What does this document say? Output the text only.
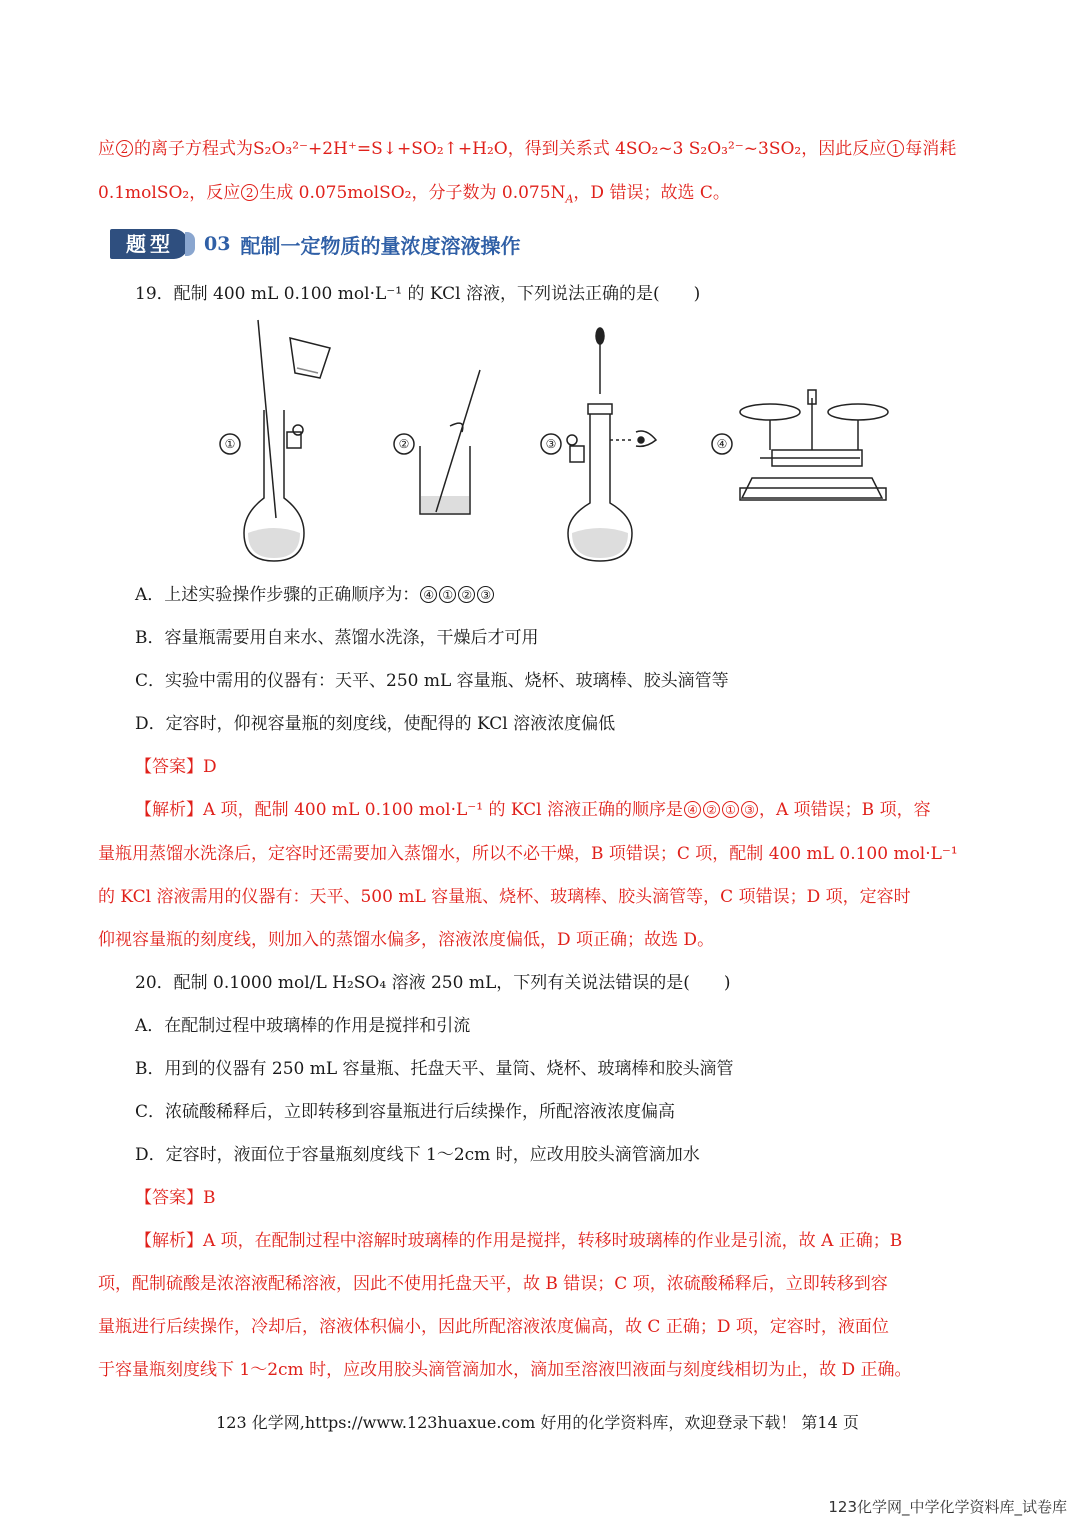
应 2 的离子方程式为S₂O₃²⁻+2H⁺=S↓+SO₂↑+H₂O，得到关系式 4SO₂~3 S₂O₃²⁻~3SO₂，因此反应 1 每消耗
0.1molSO₂，反应 2 生成 0.075molSO₂，分子数为 $0.075N_A$，D 错误；故选 C。
题型	03 配制一定物质的量浓度溶液操作
19．配制 400 mL 0.100 mol·L⁻¹ 的 KCl 溶液，下列说法正确的是(　　)
①	②	③	④
A．上述实验操作步骤的正确顺序为： ④ ① ② ③
B．容量瓶需要用自来水、蒸馏水洗涤，干燥后才可用
C．实验中需用的仪器有：天平、250 mL 容量瓶、烧杯、玻璃棒、胶头滴管等
D．定容时，仰视容量瓶的刻度线，使配得的 KCl 溶液浓度偏低
【答案】D
【解析】A 项，配制 400 mL 0.100 mol·L⁻¹ 的 KCl 溶液正确的顺序是 ④ ② ① ③ ，A 项错误；B 项，容
量瓶用蒸馏水洗涤后，定容时还需要加入蒸馏水，所以不必干燥，B 项错误；C 项，配制 400 mL 0.100 mol·L⁻¹
的 KCl 溶液需用的仪器有：天平、500 mL 容量瓶、烧杯、玻璃棒、胶头滴管等，C 项错误；D 项，定容时
仰视容量瓶的刻度线，则加入的蒸馏水偏多，溶液浓度偏低，D 项正确；故选 D。
20．配制 0.1000 mol/L H₂SO₄ 溶液 250 mL，下列有关说法错误的是(　　)
A．在配制过程中玻璃棒的作用是搅拌和引流
B．用到的仪器有 250 mL 容量瓶、托盘天平、量筒、烧杯、玻璃棒和胶头滴管
C．浓硫酸稀释后，立即转移到容量瓶进行后续操作，所配溶液浓度偏高
D．定容时，液面位于容量瓶刻度线下 1～2cm 时，应改用胶头滴管滴加水
【答案】B
【解析】A 项，在配制过程中溶解时玻璃棒的作用是搅拌，转移时玻璃棒的作业是引流，故 A 正确；B
项，配制硫酸是浓溶液配稀溶液，因此不使用托盘天平，故 B 错误；C 项，浓硫酸稀释后，立即转移到容
量瓶进行后续操作，冷却后，溶液体积偏小，因此所配溶液浓度偏高，故 C 正确；D 项，定容时，液面位
于容量瓶刻度线下 1～2cm 时，应改用胶头滴管滴加水，滴加至溶液凹液面与刻度线相切为止，故 D 正确。
123 化学网,https://www.123huaxue.com 好用的化学资料库，欢迎登录下载！ 第14 页
123化学网_中学化学资料库_试卷库
